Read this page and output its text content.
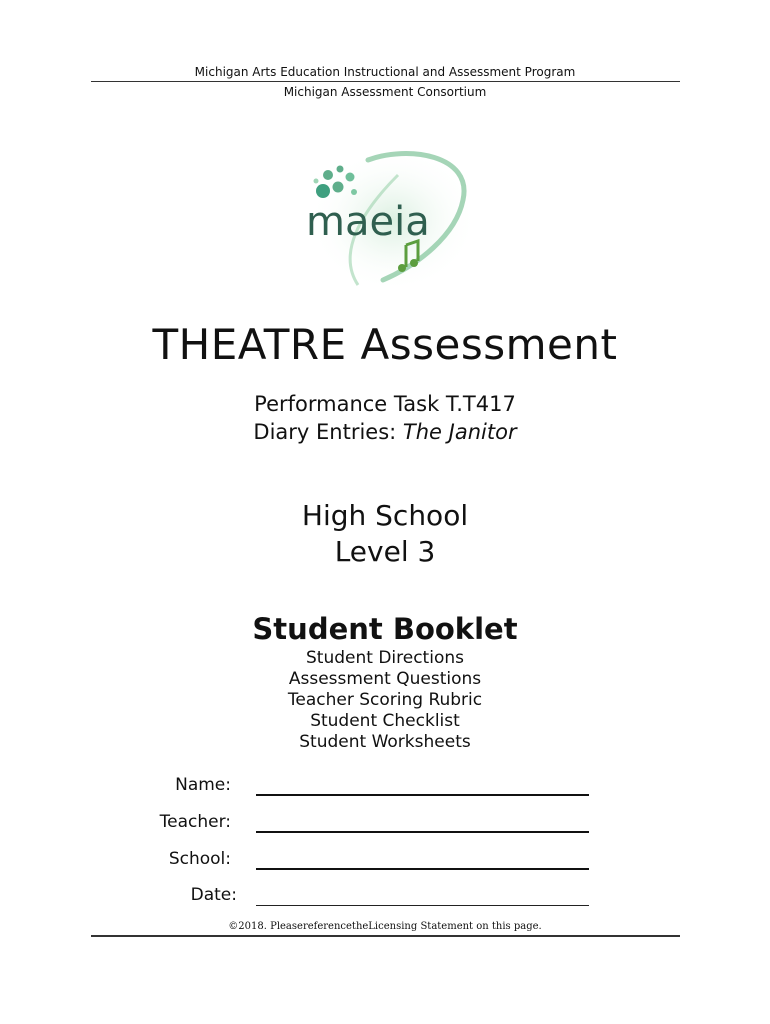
Michigan Arts Education Instructional and Assessment Program
Michigan Assessment Consortium
maeia
THEATRE Assessment
Performance Task T.T417
Diary Entries: The Janitor
High School
Level 3
Student Booklet
Student Directions
Assessment Questions
Teacher Scoring Rubric
Student Checklist
Student Worksheets
Name:
Teacher:
School:
Date:
©2018. PleasereferencetheLicensing Statement on this page.
